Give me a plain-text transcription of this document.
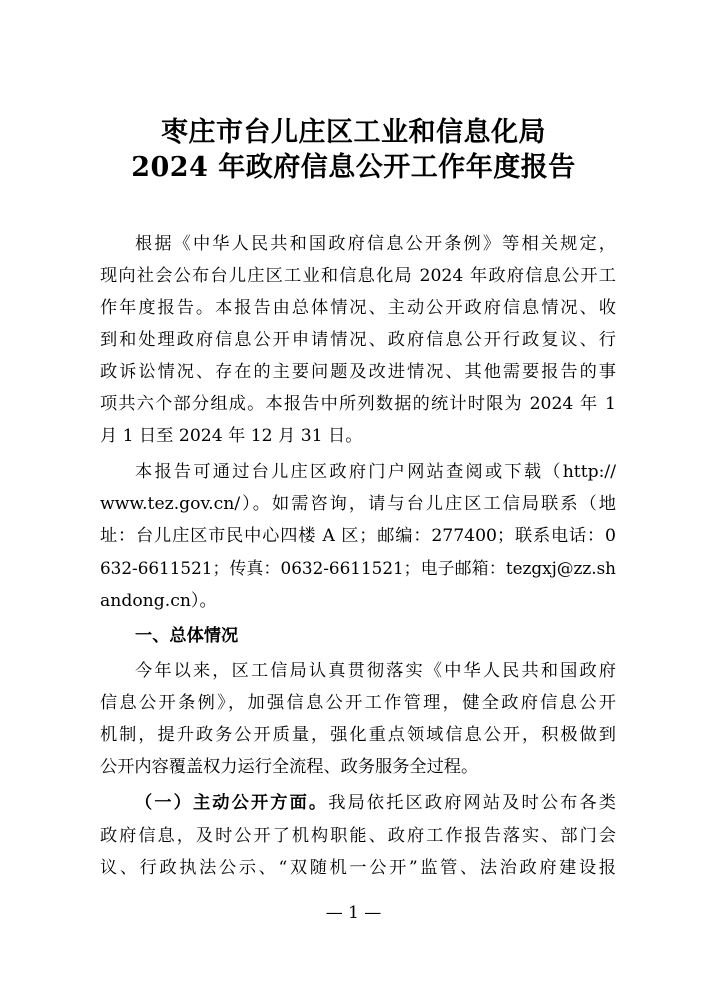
枣庄市台儿庄区工业和信息化局
2024 年政府信息公开工作年度报告
根据《中华人民共和国政府信息公开条例》等相关规定，
现向社会公布台儿庄区工业和信息化局 2024 年政府信息公开工
作年度报告。本报告由总体情况、主动公开政府信息情况、收
到和处理政府信息公开申请情况、政府信息公开行政复议、行
政诉讼情况、存在的主要问题及改进情况、其他需要报告的事
项共六个部分组成。本报告中所列数据的统计时限为 2024 年 1
月 1 日至 2024 年 12 月 31 日。
本报告可通过台儿庄区政府门户网站查阅或下载（http://
www.tez.gov.cn/）。如需咨询，请与台儿庄区工信局联系（地
址：台儿庄区市民中心四楼 A 区；邮编：277400；联系电话：0
632-6611521；传真：0632-6611521；电子邮箱：tezgxj@zz.sh
andong.cn）。
一、总体情况
今年以来，区工信局认真贯彻落实《中华人民共和国政府
信息公开条例》，加强信息公开工作管理，健全政府信息公开
机制，提升政务公开质量，强化重点领域信息公开，积极做到
公开内容覆盖权力运行全流程、政务服务全过程。
（一）主动公开方面。我局依托区政府网站及时公布各类
政府信息，及时公开了机构职能、政府工作报告落实、部门会
议、行政执法公示、“双随机一公开”监管、法治政府建设报
— 1 —
